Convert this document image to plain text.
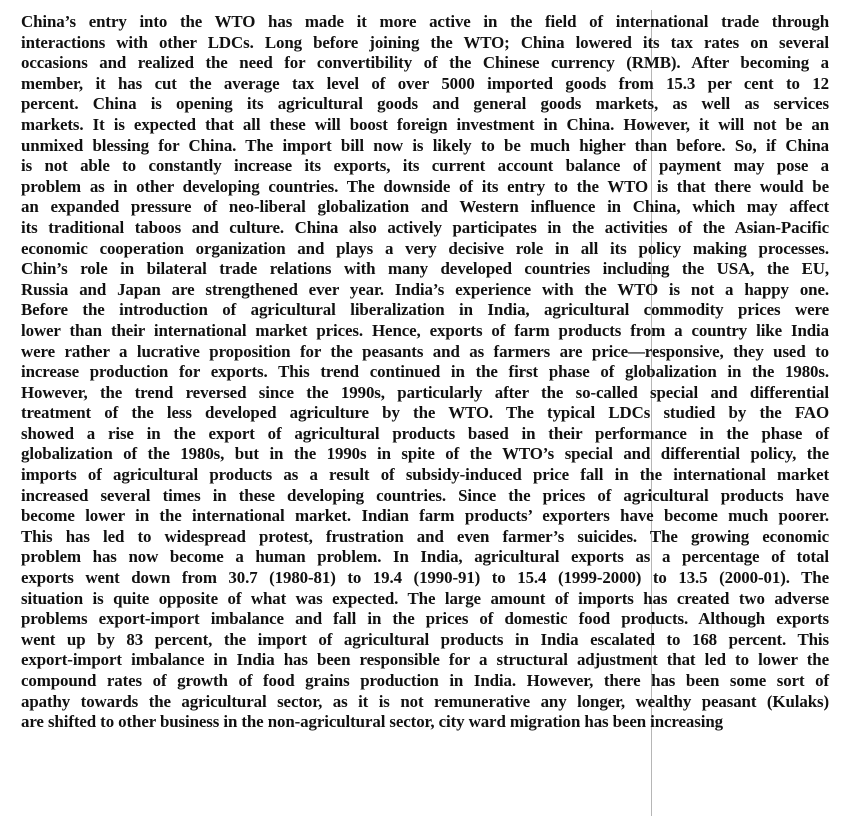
China’s entry into the WTO has made it more active in the field of international trade through
interactions with other LDCs. Long before joining the WTO; China lowered its tax rates on several
occasions and realized the need for convertibility of the Chinese currency (RMB). After becoming a
member, it has cut the average tax level of over 5000 imported goods from 15.3 per cent to 12
percent. China is opening its agricultural goods and general goods markets, as well as services
markets. It is expected that all these will boost foreign investment in China. However, it will not be an
unmixed blessing for China. The import bill now is likely to be much higher than before. So, if China
is not able to constantly increase its exports, its current account balance of payment may pose a
problem as in other developing countries. The downside of its entry to the WTO is that there would be
an expanded pressure of neo-liberal globalization and Western influence in China, which may affect
its traditional taboos and culture. China also actively participates in the activities of the Asian-Pacific
economic cooperation organization and plays a very decisive role in all its policy making processes.
Chin’s role in bilateral trade relations with many developed countries including the USA, the EU,
Russia and Japan are strengthened ever year. India’s experience with the WTO is not a happy one.
Before the introduction of agricultural liberalization in India, agricultural commodity prices were
lower than their international market prices. Hence, exports of farm products from a country like India
were rather a lucrative proposition for the peasants and as farmers are price—responsive, they used to
increase production for exports. This trend continued in the first phase of globalization in the 1980s.
However, the trend reversed since the 1990s, particularly after the so-called special and differential
treatment of the less developed agriculture by the WTO. The typical LDCs studied by the FAO
showed a rise in the export of agricultural products based in their performance in the phase of
globalization of the 1980s, but in the 1990s in spite of the WTO’s special and differential policy, the
imports of agricultural products as a result of subsidy-induced price fall in the international market
increased several times in these developing countries. Since the prices of agricultural products have
become lower in the international market. Indian farm products’ exporters have become much poorer.
This has led to widespread protest, frustration and even farmer’s suicides. The growing economic
problem has now become a human problem. In India, agricultural exports as a percentage of total
exports went down from 30.7 (1980-81) to 19.4 (1990-91) to 15.4 (1999-2000) to 13.5 (2000-01). The
situation is quite opposite of what was expected. The large amount of imports has created two adverse
problems export-import imbalance and fall in the prices of domestic food products. Although exports
went up by 83 percent, the import of agricultural products in India escalated to 168 percent. This
export-import imbalance in India has been responsible for a structural adjustment that led to lower the
compound rates of growth of food grains production in India. However, there has been some sort of
apathy towards the agricultural sector, as it is not remunerative any longer, wealthy peasant (Kulaks)
are shifted to other business in the non-agricultural sector, city ward migration has been increasing
